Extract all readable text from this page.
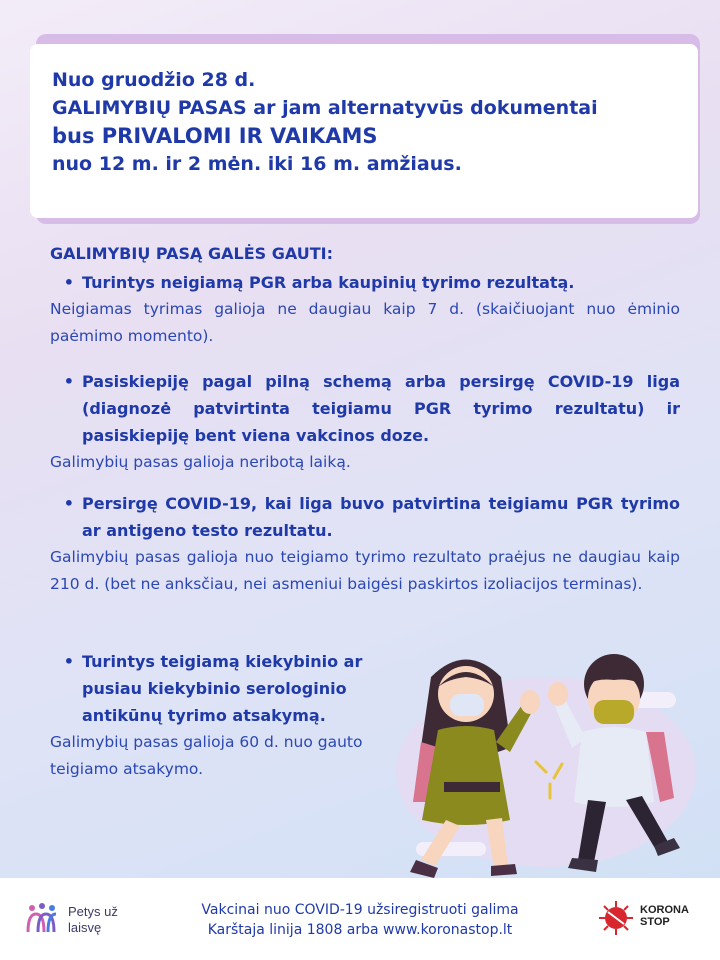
Nuo gruodžio 28 d.
GALIMYBIŲ PASAS ar jam alternatyvūs dokumentai
bus PRIVALOMI IR VAIKAMS
nuo 12 m. ir 2 mėn. iki 16 m. amžiaus.
GALIMYBIŲ PASĄ GALĖS GAUTI:
• Turintys neigiamą PGR arba kaupinių tyrimo rezultatą.
Neigiamas tyrimas galioja ne daugiau kaip 7 d. (skaičiuojant nuo ėminio paėmimo momento).
• Pasiskiepiję pagal pilną schemą arba persirgę COVID-19 liga (diagnozė patvirtinta teigiamu PGR tyrimo rezultatu) ir pasiskiepiję bent viena vakcinos doze.
Galimybių pasas galioja neribotą laiką.
• Persirgę COVID-19, kai liga buvo patvirtina teigiamu PGR tyrimo ar antigeno testo rezultatu.
Galimybių pasas galioja nuo teigiamo tyrimo rezultato praėjus ne daugiau kaip 210 d. (bet ne anksčiau, nei asmeniui baigėsi paskirtos izoliacijos terminas).
• Turintys teigiamą kiekybinio ar pusiau kiekybinio serologinio antikūnų tyrimo atsakymą.
Galimybių pasas galioja 60 d. nuo gauto teigiamo atsakymo.
Petys už
laisvę
Vakcinai nuo COVID-19 užsiregistruoti galima
Karštaja linija 1808 arba www.koronastop.lt
KORONA
STOP
